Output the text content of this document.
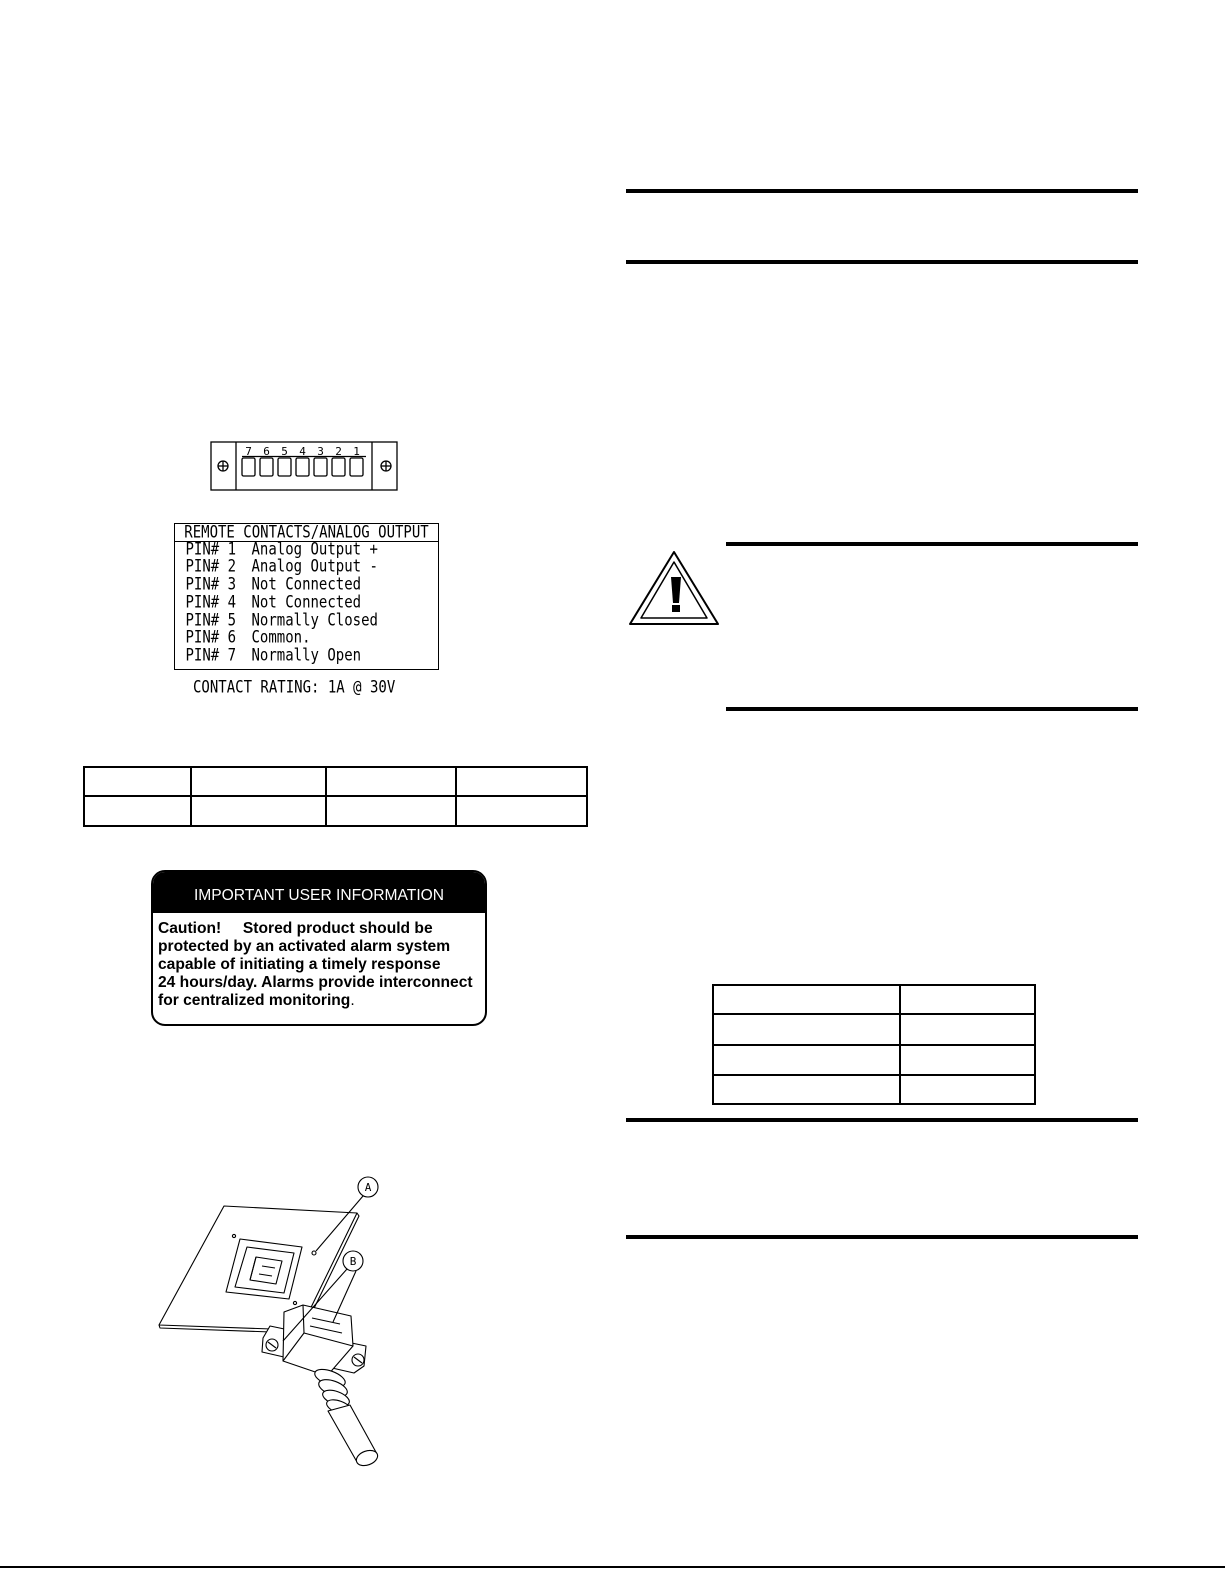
7 6 5 4 3 2 1
A
B
REMOTE CONTACTS/ANALOG OUTPUT
PIN# 1 Analog Output +
PIN# 2 Analog Output -
PIN# 3 Not Connected
PIN# 4 Not Connected
PIN# 5 Normally Closed
PIN# 6 Common.
PIN# 7 Normally Open
CONTACT RATING: 1A @ 30V
IMPORTANT USER INFORMATION
Caution!     Stored product should be
protected by an activated alarm system
capable of initiating a timely response
24 hours/day. Alarms provide interconnect
for centralized monitoring.
